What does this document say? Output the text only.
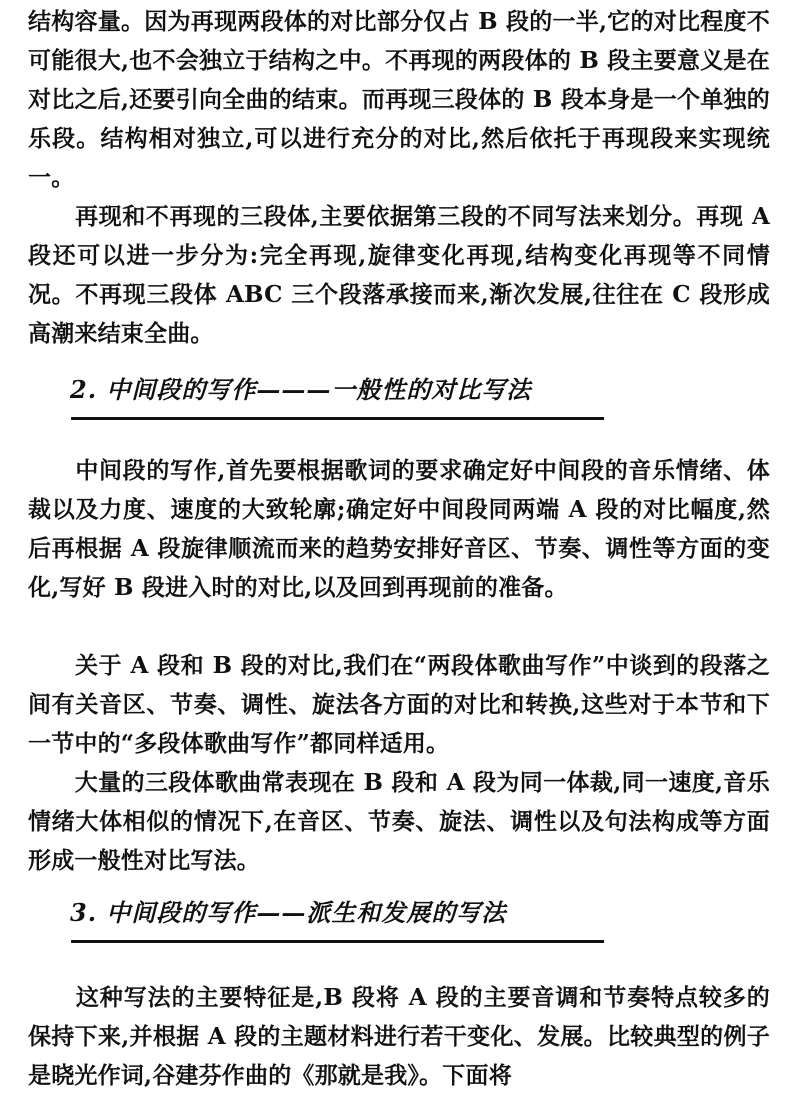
结构容量。因为再现两段体的对比部分仅占 B 段的一半,它的对比程度不可能很大,也不会独立于结构之中。不再现的两段体的 B 段主要意义是在对比之后,还要引向全曲的结束。而再现三段体的 B 段本身是一个单独的乐段。结构相对独立,可以进行充分的对比,然后依托于再现段来实现统一。

　　再现和不再现的三段体,主要依据第三段的不同写法来划分。再现 A 段还可以进一步分为:完全再现,旋律变化再现,结构变化再现等不同情况。不再现三段体 ABC 三个段落承接而来,渐次发展,往往在 C 段形成高潮来结束全曲。

2. 中间段的写作———一般性的对比写法

　　中间段的写作,首先要根据歌词的要求确定好中间段的音乐情绪、体裁以及力度、速度的大致轮廓;确定好中间段同两端 A 段的对比幅度,然后再根据 A 段旋律顺流而来的趋势安排好音区、节奏、调性等方面的变化,写好 B 段进入时的对比,以及回到再现前的准备。

　　关于 A 段和 B 段的对比,我们在“两段体歌曲写作”中谈到的段落之间有关音区、节奏、调性、旋法各方面的对比和转换,这些对于本节和下一节中的“多段体歌曲写作”都同样适用。

　　大量的三段体歌曲常表现在 B 段和 A 段为同一体裁,同一速度,音乐情绪大体相似的情况下,在音区、节奏、旋法、调性以及句法构成等方面形成一般性对比写法。

3. 中间段的写作——派生和发展的写法

　　这种写法的主要特征是,B 段将 A 段的主要音调和节奏特点较多的保持下来,并根据 A 段的主题材料进行若干变化、发展。比较典型的例子是晓光作词,谷建芬作曲的《那就是我》。下面将
